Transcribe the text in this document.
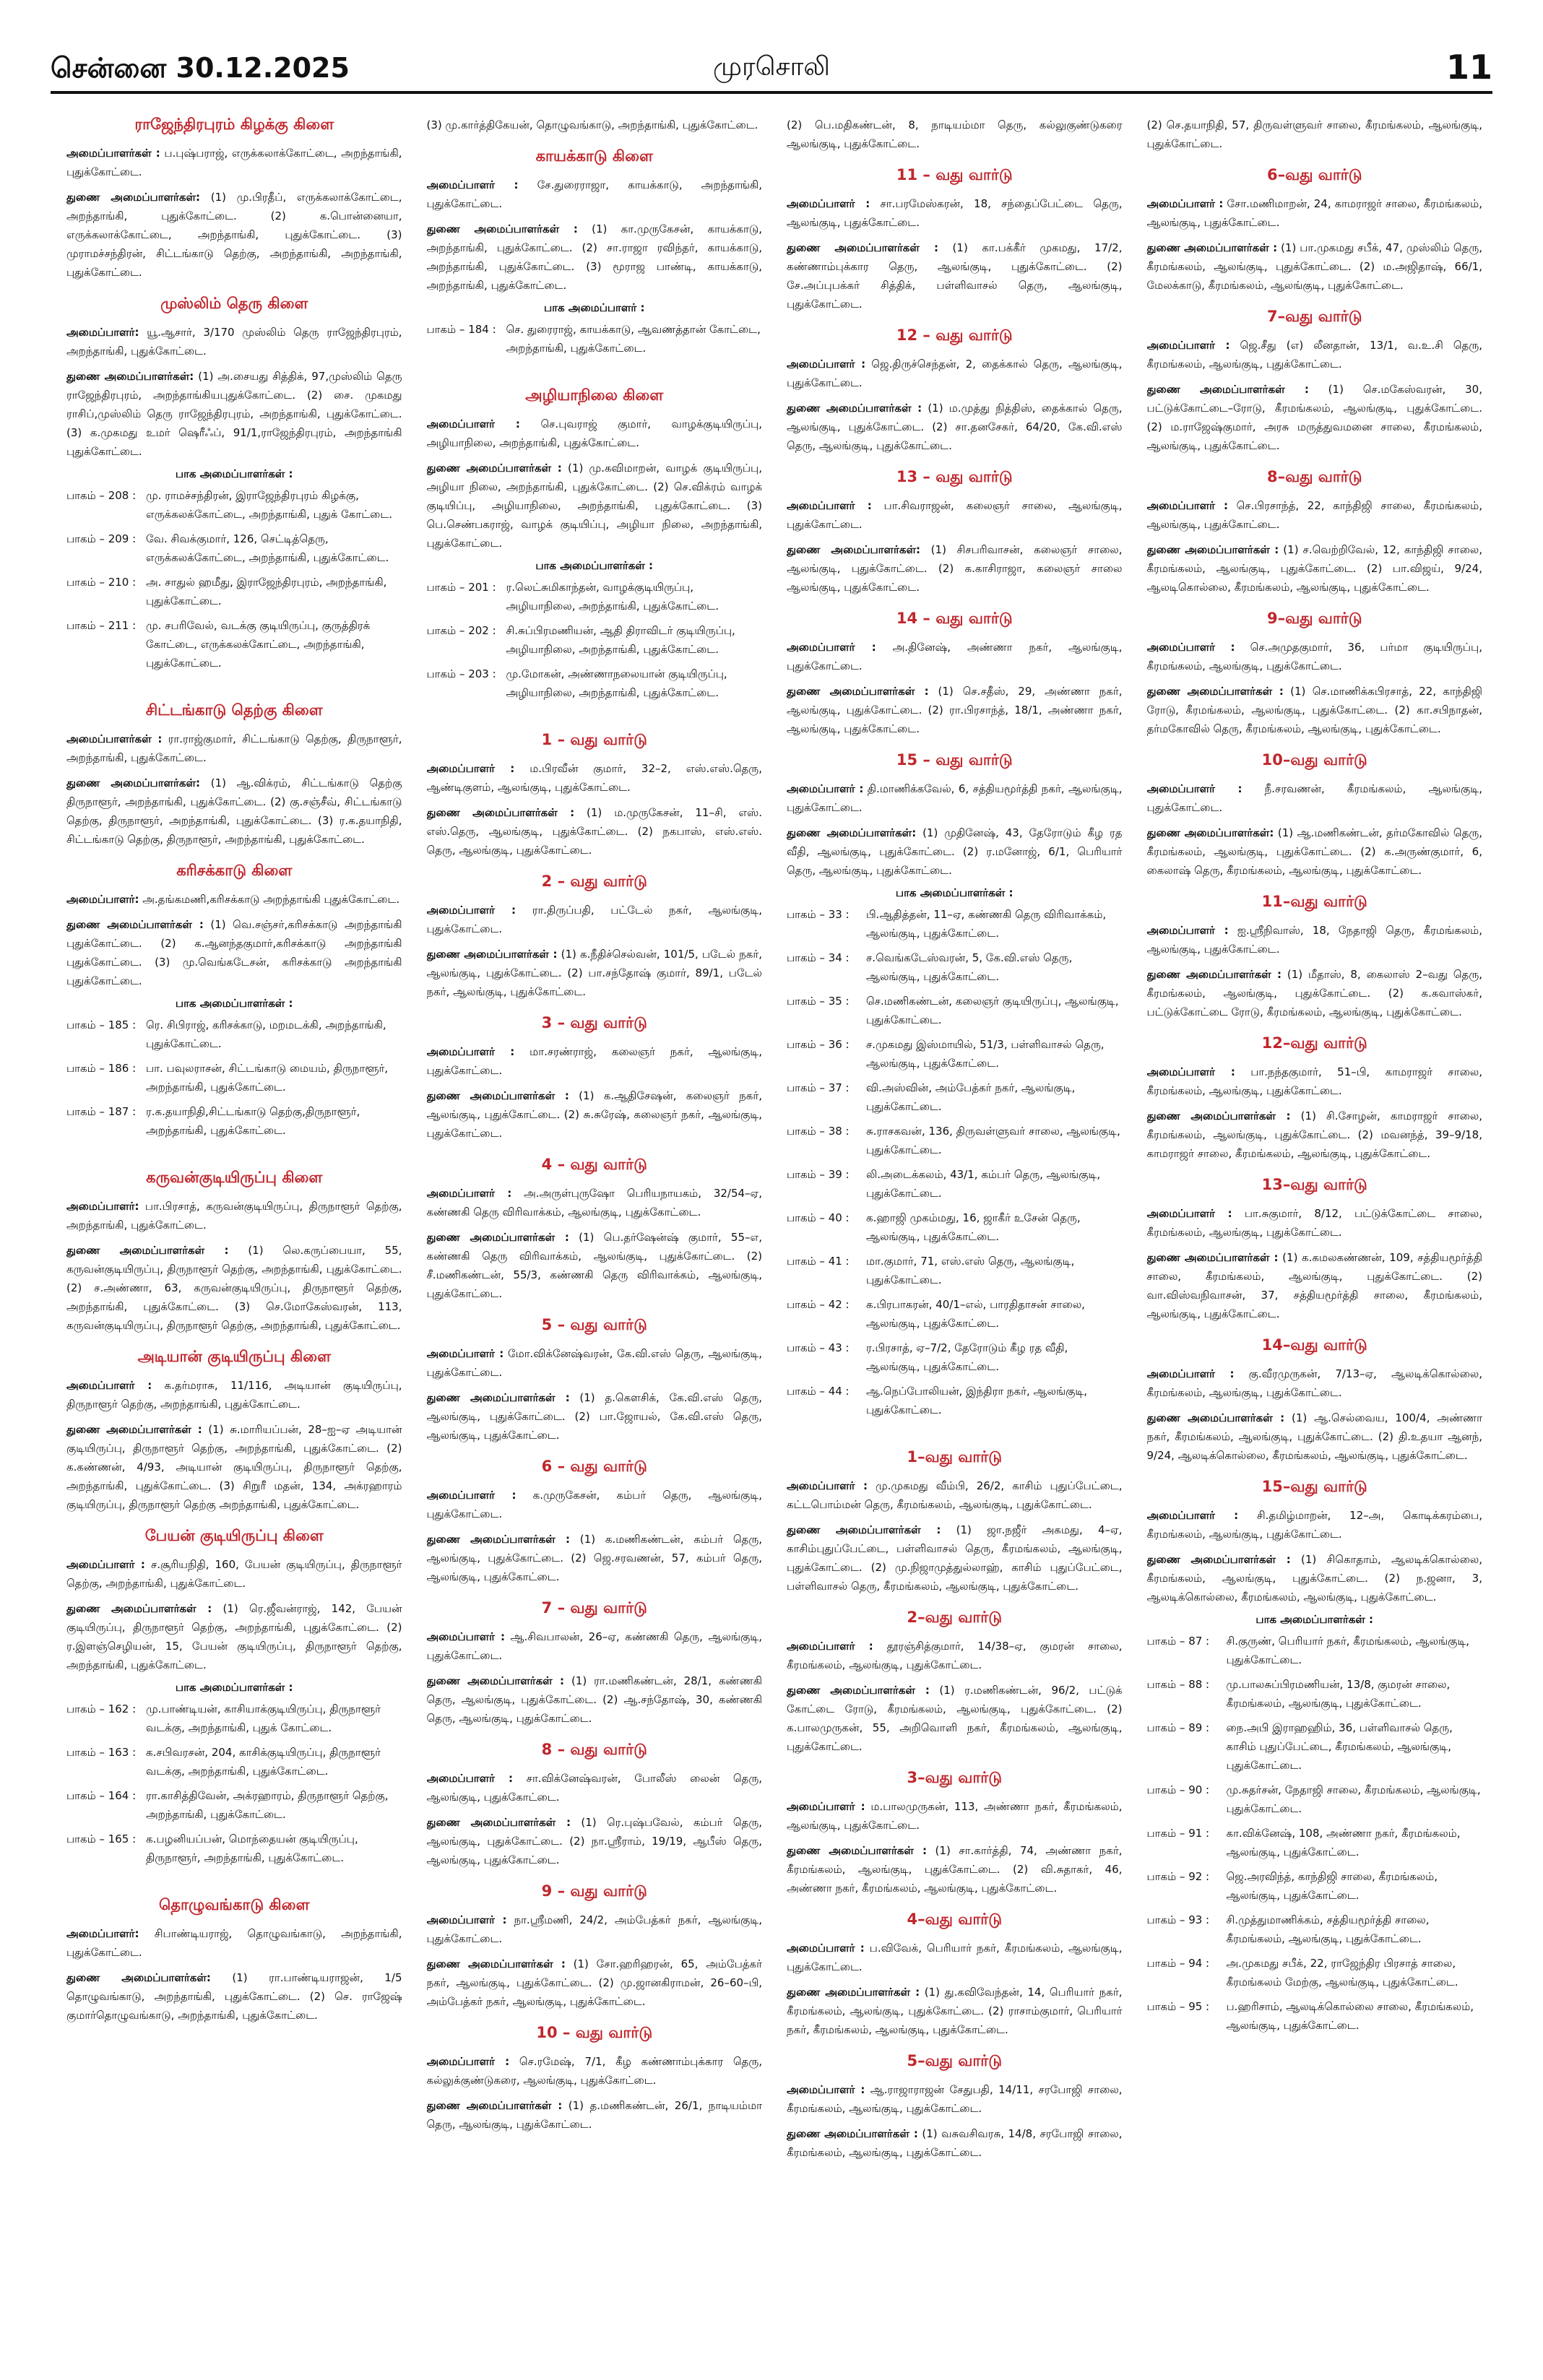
சென்னை 30.12.2025	முரசொலி	11
ராஜேந்திரபுரம் கிழக்கு கிளை

அமைப்பாளர்கள் : ப.புஷ்பராஜ், எருக்கலாக்கோட்டை, அறந்தாங்கி, புதுக்கோட்டை.

துணை அமைப்பாளர்கள்: (1) மு.பிரதீப், எருக்கலாக்கோட்டை, அறந்தாங்கி, புதுக்கோட்டை. (2) க.பொன்னையா, எருக்கலாக்கோட்டை, அறந்தாங்கி, புதுக்கோட்டை. (3) முராமச்சந்திரன், சிட்டங்காடு தெற்கு, அறந்தாங்கி, அறந்தாங்கி, புதுக்கோட்டை.

முஸ்லிம் தெரு கிளை

அமைப்பாளர்: யூ.ஆசார், 3/170 முஸ்லிம் தெரு ராஜேந்திரபுரம், அறந்தாங்கி, புதுக்கோட்டை.

துணை அமைப்பாளர்கள்: (1) அ.சையது சித்திக், 97,முஸ்லிம் தெரு ராஜேந்திரபுரம், அறந்தாங்கியபுதுக்கோட்டை. (2) சை. முகமது ராசிப்,முஸ்லிம் தெரு ராஜேந்திரபுரம், அறந்தாங்கி, புதுக்கோட்டை. (3) க.முகமது உமர் ஷெரீஃப், 91/1,ராஜேந்திரபுரம், அறந்தாங்கி புதுக்கோட்டை.

பாக அமைப்பாளர்கள் :
பாகம் – 208 : மு. ராமச்சந்திரன், இராஜேந்திரபுரம் கிழக்கு, எருக்கலக்கோட்டை, அறந்தாங்கி, புதுக் கோட்டை.
பாகம் – 209 : வே. சிவக்குமார், 126, செட்டித்தெரு, எருக்கலக்கோட்டை, அறந்தாங்கி, புதுக்கோட்டை.
பாகம் – 210 : அ. சாதுல் ஹமீது, இராஜேந்திரபுரம், அறந்தாங்கி, புதுக்கோட்டை.
பாகம் – 211 : மு. சபரிவேல், வடக்கு குடியிருப்பு, குருத்திரக் கோட்டை, எருக்கலக்கோட்டை, அறந்தாங்கி, புதுக்கோட்டை.
சிட்டங்காடு தெற்கு கிளை

அமைப்பாளர்கள் : ரா.ராஜ்குமார், சிட்டங்காடு தெற்கு, திருநாளூர், அறந்தாங்கி, புதுக்கோட்டை.

துணை அமைப்பாளர்கள்: (1) ஆ.விக்ரம், சிட்டங்காடு தெற்கு திருநாளூர், அறந்தாங்கி, புதுக்கோட்டை. (2) கு.சஞ்சீவ், சிட்டங்காடு தெற்கு, திருநாளூர், அறந்தாங்கி, புதுக்கோட்டை. (3) ர.க.தயாநிதி, சிட்டங்காடு தெற்கு, திருநாளூர், அறந்தாங்கி, புதுக்கோட்டை.

கரிசக்காடு கிளை

அமைப்பாளர்: அ.தங்கமணி,கரிசக்காடு அறந்தாங்கி புதுக்கோட்டை.

துணை அமைப்பாளர்கள் : (1) வெ.சஞ்சர்,கரிசக்காடு அறந்தாங்கி புதுக்கோட்டை. (2) க.ஆனந்தகுமார்,கரிசக்காடு அறந்தாங்கி புதுக்கோட்டை. (3) மு.வெங்கடேசன், கரிசக்காடு அறந்தாங்கி புதுக்கோட்டை.

பாக அமைப்பாளர்கள் :
பாகம் – 185 : ரெ. சிபிராஜ், கரிசக்காடு, மறமடக்கி, அறந்தாங்கி, புதுக்கோட்டை.
பாகம் – 186 : பா. பவுலராசன், சிட்டங்காடு மையம், திருநாளூர், அறந்தாங்கி, புதுக்கோட்டை.
பாகம் – 187 : ர.க.தயாநிதி,சிட்டங்காடு தெற்கு,திருநாளூர், அறந்தாங்கி, புதுக்கோட்டை.
கருவன்குடியிருப்பு கிளை

அமைப்பாளர்: பா.பிரசாத், கருவன்குடியிருப்பு, திருநாளூர் தெற்கு, அறந்தாங்கி, புதுக்கோட்டை.

துணை அமைப்பாளர்கள் : (1) லெ.கருப்பையா, 55, கருவன்குடியிருப்பு, திருநாளூர் தெற்கு, அறந்தாங்கி, புதுக்கோட்டை. (2) ச.அண்ணா, 63, கருவன்குடியிருப்பு, திருநாளூர் தெற்கு, அறந்தாங்கி, புதுக்கோட்டை. (3) செ.மோகேஸ்வரன், 113, கருவன்குடியிருப்பு, திருநாளூர் தெற்கு, அறந்தாங்கி, புதுக்கோட்டை.

அடியான் குடியிருப்பு கிளை

அமைப்பாளர் : க.தர்மராசு, 11/116, அடியான் குடியிருப்பு, திருநாளூர் தெற்கு, அறந்தாங்கி, புதுக்கோட்டை.

துணை அமைப்பாளர்கள் : (1) சு.மாரியப்பன், 28–ஐ–ஏ அடியான் குடியிருப்பு, திருநாளூர் தெற்கு, அறந்தாங்கி, புதுக்கோட்டை. (2) க.கண்ணன், 4/93, அடியான் குடியிருப்பு, திருநாளூர் தெற்கு, அறந்தாங்கி, புதுக்கோட்டை. (3) சிறுரீ மதன், 134, அக்ரஹாரம் குடியிருப்பு, திருநாளூர் தெற்கு அறந்தாங்கி, புதுக்கோட்டை.

பேயன் குடியிருப்பு கிளை

அமைப்பாளர் : ச.சூரியநிதி, 160, பேயன் குடியிருப்பு, திருநாளூர் தெற்கு, அறந்தாங்கி, புதுக்கோட்டை.

துணை அமைப்பாளர்கள் : (1) ரெ.ஜீவன்ராஜ், 142, பேயன் குடியிருப்பு, திருநாளூர் தெற்கு, அறந்தாங்கி, புதுக்கோட்டை. (2) ர.இளஞ்செழியன், 15, பேயன் குடியிருப்பு, திருநாளூர் தெற்கு, அறந்தாங்கி, புதுக்கோட்டை.

பாக அமைப்பாளர்கள் :
பாகம் – 162 : மு.பாண்டியன், காசியாக்குடியிருப்பு, திருநாளூர் வடக்கு, அறந்தாங்கி, புதுக் கோட்டை.
பாகம் – 163 : க.சபிவரசன், 204, காசிக்குடியிருப்பு, திருநாளூர் வடக்கு, அறந்தாங்கி, புதுக்கோட்டை.
பாகம் – 164 : ரா.காசித்திவேன், அக்ரஹாரம், திருநாளூர் தெற்கு, அறந்தாங்கி, புதுக்கோட்டை.
பாகம் – 165 : க.பழனியப்பன், மொந்தையன் குடியிருப்பு, திருநாளூர், அறந்தாங்கி, புதுக்கோட்டை.
தொழுவங்காடு கிளை

அமைப்பாளர்: சிபாண்டியராஜ், தொழுவங்காடு, அறந்தாங்கி, புதுக்கோட்டை.

துணை அமைப்பாளர்கள்: (1) ரா.பாண்டியராஜன், 1/5 தொழுவங்காடு, அறந்தாங்கி, புதுக்கோட்டை. (2) செ. ராஜேஷ் குமார்தொழுவங்காடு, அறந்தாங்கி, புதுக்கோட்டை.

(3) மு.கார்த்திகேயன், தொழுவங்காடு, அறந்தாங்கி, புதுக்கோட்டை.

காயக்காடு கிளை

அமைப்பாளர் : சே.துரைராஜா, காயக்காடு, அறந்தாங்கி, புதுக்கோட்டை.

துணை அமைப்பாளர்கள் : (1) கா.முருகேசன், காயக்காடு, அறந்தாங்கி, புதுக்கோட்டை. (2) சா.ராஜா ரவிந்தர், காயக்காடு, அறந்தாங்கி, புதுக்கோட்டை. (3) மூராஜ பாண்டி, காயக்காடு, அறந்தாங்கி, புதுக்கோட்டை.

பாக அமைப்பாளர் :
பாகம் – 184 : செ. துரைராஜ், காயக்காடு, ஆவணத்தான் கோட்டை, அறந்தாங்கி, புதுக்கோட்டை.
அழியாநிலை கிளை

அமைப்பாளர் : செ.புவராஜ் குமார், வாழக்குடியிருப்பு, அழியாநிலை, அறந்தாங்கி, புதுக்கோட்டை.

துணை அமைப்பாளர்கள் : (1) மு.கவிமாறன், வாழக் குடியிருப்பு, அழியா நிலை, அறந்தாங்கி, புதுக்கோட்டை. (2) செ.விக்ரம் வாழக் குடியிப்பு, அழியாநிலை, அறந்தாங்கி, புதுக்கோட்டை. (3) பெ.செண்பகராஜ், வாழக் குடியிப்பு, அழியா நிலை, அறந்தாங்கி, புதுக்கோட்டை.

பாக அமைப்பாளர்கள் :
பாகம் – 201 : ர.லெட்சுமிகாந்தன், வாழக்குடியிருப்பு, அழியாநிலை, அறந்தாங்கி, புதுக்கோட்டை.
பாகம் – 202 : சி.சுப்பிரமணியன், ஆதி திராவிடர் குடியிருப்பு, அழியாநிலை, அறந்தாங்கி, புதுக்கோட்டை.
பாகம் – 203 : மு.மோகன், அண்ணாநலையான் குடியிருப்பு, அழியாநிலை, அறந்தாங்கி, புதுக்கோட்டை.
1 – வது வார்டு

அமைப்பாளர் : ம.பிரவீன் குமார், 32–2, எஸ்.எஸ்.தெரு, ஆண்டிகுளம், ஆலங்குடி, புதுக்கோட்டை.

துணை அமைப்பாளர்கள் : (1) ம.முருகேசன், 11–சி, எஸ். எஸ்.தெரு, ஆலங்குடி, புதுக்கோட்டை. (2) நகபாஸ், எஸ்.எஸ். தெரு, ஆலங்குடி, புதுக்கோட்டை.

2 – வது வார்டு

அமைப்பாளர் : ரா.திருப்பதி, பட்டேல் நகர், ஆலங்குடி, புதுக்கோட்டை.

துணை அமைப்பாளர்கள் : (1) க.நீதிச்செல்வன், 101/5, படேல் நகர், ஆலங்குடி, புதுக்கோட்டை. (2) பா.சந்தோஷ் குமார், 89/1, படேல் நகர், ஆலங்குடி, புதுக்கோட்டை.

3 – வது வார்டு

அமைப்பாளர் : மா.சரண்ராஜ், கலைஞர் நகர், ஆலங்குடி, புதுக்கோட்டை.

துணை அமைப்பாளர்கள் : (1) க.ஆதிசேஷன், கலைஞர் நகர், ஆலங்குடி, புதுக்கோட்டை. (2) சு.சுரேஷ், கலைஞர் நகர், ஆலங்குடி, புதுக்கோட்டை.

4 – வது வார்டு

அமைப்பாளர் : அ.அருள்புருஷோ பெரியநாயகம், 32/54–ஏ, கண்ணகி தெரு விரிவாக்கம், ஆலங்குடி, புதுக்கோட்டை.

துணை அமைப்பாளர்கள் : (1) பெ.தர்ஷேன்ஷ் குமார், 55–எ, கண்ணகி தெரு விரிவாக்கம், ஆலங்குடி, புதுக்கோட்டை. (2) சீ.மணிகண்டன், 55/3, கண்ணகி தெரு விரிவாக்கம், ஆலங்குடி, புதுக்கோட்டை.

5 – வது வார்டு

அமைப்பாளர் : மோ.விக்னேஷ்வரன், கே.வி.எஸ் தெரு, ஆலங்குடி, புதுக்கோட்டை.

துணை அமைப்பாளர்கள் : (1) த.கௌசிக், கே.வி.எஸ் தெரு, ஆலங்குடி, புதுக்கோட்டை. (2) பா.ஜோயல், கே.வி.எஸ் தெரு, ஆலங்குடி, புதுக்கோட்டை.

6 – வது வார்டு

அமைப்பாளர் : க.முருகேசன், கம்பர் தெரு, ஆலங்குடி, புதுக்கோட்டை.

துணை அமைப்பாளர்கள் : (1) க.மணிகண்டன், கம்பர் தெரு, ஆலங்குடி, புதுக்கோட்டை. (2) ஜெ.சரவணன், 57, கம்பர் தெரு, ஆலங்குடி, புதுக்கோட்டை.

7 – வது வார்டு

அமைப்பாளர் : ஆ.சிவபாலன், 26–ஏ, கண்ணகி தெரு, ஆலங்குடி, புதுக்கோட்டை.

துணை அமைப்பாளர்கள் : (1) ரா.மணிகண்டன், 28/1, கண்ணகி தெரு, ஆலங்குடி, புதுக்கோட்டை. (2) ஆ.சந்தோஷ், 30, கண்ணகி தெரு, ஆலங்குடி, புதுக்கோட்டை.

8 – வது வார்டு

அமைப்பாளர் : சா.விக்னேஷ்வரன், போலீஸ் லைன் தெரு, ஆலங்குடி, புதுக்கோட்டை.

துணை அமைப்பாளர்கள் : (1) ரெ.புஷ்பவேல், கம்பர் தெரு, ஆலங்குடி, புதுக்கோட்டை. (2) நா.ஸ்ரீராம், 19/19, ஆபீஸ் தெரு, ஆலங்குடி, புதுக்கோட்டை.

9 – வது வார்டு

அமைப்பாளர் : நா.ஸ்ரீமணி, 24/2, அம்பேத்கர் நகர், ஆலங்குடி, புதுக்கோட்டை.

துணை அமைப்பாளர்கள் : (1) சோ.ஹரிஹரன், 65, அம்பேத்கர் நகர், ஆலங்குடி, புதுக்கோட்டை. (2) மு.ஜானகிராமன், 26–60–பி, அம்பேத்கர் நகர், ஆலங்குடி, புதுக்கோட்டை.

10 – வது வார்டு

அமைப்பாளர் : செ.ரமேஷ், 7/1, கீழ கண்ணாம்புக்கார தெரு, கல்லுக்குண்டுகரை, ஆலங்குடி, புதுக்கோட்டை.

துணை அமைப்பாளர்கள் : (1) த.மணிகண்டன், 26/1, நாடியம்மா தெரு, ஆலங்குடி, புதுக்கோட்டை.

(2) பெ.மதிகண்டன், 8, நாடியம்மா தெரு, கல்லுகுண்டுகரை ஆலங்குடி, புதுக்கோட்டை.

11 – வது வார்டு

அமைப்பாளர் : சா.பரமேஸ்கரன், 18, சந்தைப்பேட்டை தெரு, ஆலங்குடி, புதுக்கோட்டை.

துணை அமைப்பாளர்கள் : (1) கா.பக்கீர் முகமது, 17/2, கண்ணாம்புக்கார தெரு, ஆலங்குடி, புதுக்கோட்டை. (2) சே.அப்புபக்கர் சித்திக், பள்ளிவாசல் தெரு, ஆலங்குடி, புதுக்கோட்டை.

12 – வது வார்டு

அமைப்பாளர் : ஜெ.திருச்செந்தன், 2, தைக்கால் தெரு, ஆலங்குடி, புதுக்கோட்டை.

துணை அமைப்பாளர்கள் : (1) ம.முத்து நித்திஸ், தைக்கால் தெரு, ஆலங்குடி, புதுக்கோட்டை. (2) சா.தனசேகர், 64/20, கே.வி.எஸ் தெரு, ஆலங்குடி, புதுக்கோட்டை.

13 – வது வார்டு

அமைப்பாளர் : பா.சிவராஜன், கலைஞர் சாலை, ஆலங்குடி, புதுக்கோட்டை.

துணை அமைப்பாளர்கள்: (1) சிசபரிவாசன், கலைஞர் சாலை, ஆலங்குடி, புதுக்கோட்டை. (2) க.காசிராஜா, கலைஞர் சாலை ஆலங்குடி, புதுக்கோட்டை.

14 – வது வார்டு

அமைப்பாளர் : அ.தினேஷ், அண்ணா நகர், ஆலங்குடி, புதுக்கோட்டை.

துணை அமைப்பாளர்கள் : (1) செ.சதீஸ், 29, அண்ணா நகர், ஆலங்குடி, புதுக்கோட்டை. (2) ரா.பிரசாந்த், 18/1, அண்ணா நகர், ஆலங்குடி, புதுக்கோட்டை.

15 – வது வார்டு

அமைப்பாளர் : தி.மாணிக்கவேல், 6, சத்தியமூர்த்தி நகர், ஆலங்குடி, புதுக்கோட்டை.

துணை அமைப்பாளர்கள்: (1) முதினேஷ், 43, தேரோடும் கீழ ரத வீதி, ஆலங்குடி, புதுக்கோட்டை. (2) ர.மனோஜ், 6/1, பெரியார் தெரு, ஆலங்குடி, புதுக்கோட்டை.

பாக அமைப்பாளர்கள் :
பாகம் – 33 :	பி.ஆதித்தன், 11–ஏ, கண்ணகி தெரு விரிவாக்கம், ஆலங்குடி, புதுக்கோட்டை.
பாகம் – 34 :	ச.வெங்கடேஸ்வரன், 5, கே.வி.எஸ் தெரு, ஆலங்குடி, புதுக்கோட்டை.
பாகம் – 35 :	செ.மணிகண்டன், கலைஞர் குடியிருப்பு, ஆலங்குடி, புதுக்கோட்டை.
பாகம் – 36 :	ச.முகமது இஸ்மாயில், 51/3, பள்ளிவாசல் தெரு, ஆலங்குடி, புதுக்கோட்டை.
பாகம் – 37 :	வி.அஸ்வின், அம்பேத்கர் நகர், ஆலங்குடி, புதுக்கோட்டை.
பாகம் – 38 :	சு.ராசகவன், 136, திருவள்ளுவர் சாலை, ஆலங்குடி, புதுக்கோட்டை.
பாகம் – 39 :	லி.அடைக்கலம், 43/1, கம்பர் தெரு, ஆலங்குடி, புதுக்கோட்டை.
பாகம் – 40 :	க.ஹாஜி முகம்மது, 16, ஜாகீர் உசேன் தெரு, ஆலங்குடி, புதுக்கோட்டை.
பாகம் – 41 :	மா.குமார், 71, எஸ்.எஸ் தெரு, ஆலங்குடி, புதுக்கோட்டை.
பாகம் – 42 :	க.பிரபாகரன், 40/1–எல், பாரதிதாசன் சாலை, ஆலங்குடி, புதுக்கோட்டை.
பாகம் – 43 :	ர.பிரசாத், ஏ–7/2, தேரோடும் கீழ ரத வீதி, ஆலங்குடி, புதுக்கோட்டை.
பாகம் – 44 :	ஆ.நெப்போலியன், இந்திரா நகர், ஆலங்குடி, புதுக்கோட்டை.
1–வது வார்டு

அமைப்பாளர் : மு.முகமது வீம்பி, 26/2, காசிம் புதுப்பேட்டை, கட்டபொம்மன் தெரு, கீரமங்கலம், ஆலங்குடி, புதுக்கோட்டை.

துணை அமைப்பாளர்கள் : (1) ஜா.நஜீர் அகமது, 4–ஏ, காசிம்புதுப்பேட்டை, பள்ளிவாசல் தெரு, கீரமங்கலம், ஆலங்குடி, புதுக்கோட்டை. (2) மு.நிஜாமுத்துல்லாஹ், காசிம் புதுப்பேட்டை, பள்ளிவாசல் தெரு, கீரமங்கலம், ஆலங்குடி, புதுக்கோட்டை.

2–வது வார்டு

அமைப்பாளர் : தூரஞ்சித்குமார், 14/38–ஏ, குமரன் சாலை, கீரமங்கலம், ஆலங்குடி, புதுக்கோட்டை.

துணை அமைப்பாளர்கள் : (1) ர.மணிகண்டன், 96/2, பட்டுக் கோட்டை ரோடு, கீரமங்கலம், ஆலங்குடி, புதுக்கோட்டை. (2) க.பாலமுருகன், 55, அறிவொளி நகர், கீரமங்கலம், ஆலங்குடி, புதுக்கோட்டை.

3–வது வார்டு

அமைப்பாளர் : ம.பாலமுருகன், 113, அண்ணா நகர், கீரமங்கலம், ஆலங்குடி, புதுக்கோட்டை.

துணை அமைப்பாளர்கள் : (1) சா.கார்த்தி, 74, அண்ணா நகர், கீரமங்கலம், ஆலங்குடி, புதுக்கோட்டை. (2) வி.சுதாகர், 46, அண்ணா நகர், கீரமங்கலம், ஆலங்குடி, புதுக்கோட்டை.

4–வது வார்டு

அமைப்பாளர் : ப.விவேக், பெரியார் நகர், கீரமங்கலம், ஆலங்குடி, புதுக்கோட்டை.

துணை அமைப்பாளர்கள் : (1) து.கவிவேந்தன், 14, பெரியார் நகர், கீரமங்கலம், ஆலங்குடி, புதுக்கோட்டை. (2) ராசாம்குமார், பெரியார் நகர், கீரமங்கலம், ஆலங்குடி, புதுக்கோட்டை.

5–வது வார்டு

அமைப்பாளர் : ஆ.ராஜாராஜன் சேதுபதி, 14/11, சரபோஜி சாலை, கீரமங்கலம், ஆலங்குடி, புதுக்கோட்டை.

துணை அமைப்பாளர்கள் : (1) வசுவசிவரசு, 14/8, சரபோஜி சாலை, கீரமங்கலம், ஆலங்குடி, புதுக்கோட்டை.

(2) செ.தயாநிதி, 57, திருவள்ளுவர் சாலை, கீரமங்கலம், ஆலங்குடி, புதுக்கோட்டை.

6–வது வார்டு

அமைப்பாளர் : சோ.மணிமாறன், 24, காமராஜர் சாலை, கீரமங்கலம், ஆலங்குடி, புதுக்கோட்டை.

துணை அமைப்பாளர்கள் : (1) பா.முகமது சபீக், 47, முஸ்லிம் தெரு, கீரமங்கலம், ஆலங்குடி, புதுக்கோட்டை. (2) ம.அஜிதாஷ், 66/1, மேலக்காடு, கீரமங்கலம், ஆலங்குடி, புதுக்கோட்டை.

7–வது வார்டு

அமைப்பாளர் : ஜெ.சீது (எ) லீனதான், 13/1, வ.உ.சி தெரு, கீரமங்கலம், ஆலங்குடி, புதுக்கோட்டை.

துணை அமைப்பாளர்கள் : (1) செ.மகேஸ்வரன், 30, பட்டுக்கோட்டை–ரோடு, கீரமங்கலம், ஆலங்குடி, புதுக்கோட்டை. (2) ம.ராஜேஷ்குமார், அரசு மருத்துவமனை சாலை, கீரமங்கலம், ஆலங்குடி, புதுக்கோட்டை.

8–வது வார்டு

அமைப்பாளர் : செ.பிரசாந்த், 22, காந்திஜி சாலை, கீரமங்கலம், ஆலங்குடி, புதுக்கோட்டை.

துணை அமைப்பாளர்கள் : (1) ச.வெற்றிவேல், 12, காந்திஜி சாலை, கீரமங்கலம், ஆலங்குடி, புதுக்கோட்டை. (2) பா.விஜய், 9/24, ஆலடிகொல்லை, கீரமங்கலம், ஆலங்குடி, புதுக்கோட்டை.

9–வது வார்டு

அமைப்பாளர் : செ.அமுதகுமார், 36, பர்மா குடியிருப்பு, கீரமங்கலம், ஆலங்குடி, புதுக்கோட்டை.

துணை அமைப்பாளர்கள் : (1) செ.மாணிக்கபிரசாத், 22, காந்திஜி ரோடு, கீரமங்கலம், ஆலங்குடி, புதுக்கோட்டை. (2) கா.சபிநாதன், தர்மகோவில் தெரு, கீரமங்கலம், ஆலங்குடி, புதுக்கோட்டை.

10–வது வார்டு

அமைப்பாளர் : நீ.சரவணன், கீரமங்கலம், ஆலங்குடி, புதுக்கோட்டை.

துணை அமைப்பாளர்கள்: (1) ஆ.மணிகண்டன், தர்மகோவில் தெரு, கீரமங்கலம், ஆலங்குடி, புதுக்கோட்டை. (2) க.அருண்குமார், 6, கைலாஷ் தெரு, கீரமங்கலம், ஆலங்குடி, புதுக்கோட்டை.

11–வது வார்டு

அமைப்பாளர் : ஐ.ஸ்ரீநிவாஸ், 18, நேதாஜி தெரு, கீரமங்கலம், ஆலங்குடி, புதுக்கோட்டை.

துணை அமைப்பாளர்கள் : (1) மீதாஸ், 8, கைலாஸ் 2–வது தெரு, கீரமங்கலம், ஆலங்குடி, புதுக்கோட்டை. (2) க.கவாஸ்கர், பட்டுக்கோட்டை ரோடு, கீரமங்கலம், ஆலங்குடி, புதுக்கோட்டை.

12–வது வார்டு

அமைப்பாளர் : பா.நந்தகுமார், 51–பி, காமராஜர் சாலை, கீரமங்கலம், ஆலங்குடி, புதுக்கோட்டை.

துணை அமைப்பாளர்கள் : (1) சி.சோழன், காமராஜர் சாலை, கீரமங்கலம், ஆலங்குடி, புதுக்கோட்டை. (2) மவனந்த், 39–9/18, காமராஜர் சாலை, கீரமங்கலம், ஆலங்குடி, புதுக்கோட்டை.

13–வது வார்டு

அமைப்பாளர் : பா.சுகுமார், 8/12, பட்டுக்கோட்டை சாலை, கீரமங்கலம், ஆலங்குடி, புதுக்கோட்டை.

துணை அமைப்பாளர்கள் : (1) க.கமலகண்ணன், 109, சத்தியமூர்த்தி சாலை, கீரமங்கலம், ஆலங்குடி, புதுக்கோட்டை. (2) வா.விஸ்வநிவாசன், 37, சத்தியமூர்த்தி சாலை, கீரமங்கலம், ஆலங்குடி, புதுக்கோட்டை.

14–வது வார்டு

அமைப்பாளர் : கு.வீரமுருகன், 7/13–ஏ, ஆலடிக்கொல்லை, கீரமங்கலம், ஆலங்குடி, புதுக்கோட்டை.

துணை அமைப்பாளர்கள் : (1) ஆ.செல்வைய, 100/4, அண்ணா நகர், கீரமங்கலம், ஆலங்குடி, புதுக்கோட்டை. (2) தி.உதயா ஆனந், 9/24, ஆலடிக்கொல்லை, கீரமங்கலம், ஆலங்குடி, புதுக்கோட்டை.

15–வது வார்டு

அமைப்பாளர் : சி.தமிழ்மாறன், 12–அ, கொடிக்கரம்பை, கீரமங்கலம், ஆலங்குடி, புதுக்கோட்டை.

துணை அமைப்பாளர்கள் : (1) சிகொதாம், ஆலடிக்கொல்லை, கீரமங்கலம், ஆலங்குடி, புதுக்கோட்டை. (2) ந.ஜனா, 3, ஆலடிக்கொல்லை, கீரமங்கலம், ஆலங்குடி, புதுக்கோட்டை.

பாக அமைப்பாளர்கள் :
பாகம் – 87 :	சி.குருண், பெரியார் நகர், கீரமங்கலம், ஆலங்குடி, புதுக்கோட்டை.
பாகம் – 88 :	மு.பாலசுப்பிரமணியன், 13/8, குமரன் சாலை, கீரமங்கலம், ஆலங்குடி, புதுக்கோட்டை.
பாகம் – 89 :	நை.அபி இராஹஹிம், 36, பள்ளிவாசல் தெரு, காசிம் புதுப்பேட்டை, கீரமங்கலம், ஆலங்குடி, புதுக்கோட்டை.
பாகம் – 90 :	மு.சுதர்சன், நேதாஜி சாலை, கீரமங்கலம், ஆலங்குடி, புதுக்கோட்டை.
பாகம் – 91 :	கா.விக்னேஷ், 108, அண்ணா நகர், கீரமங்கலம், ஆலங்குடி, புதுக்கோட்டை.
பாகம் – 92 :	ஜெ.அரவிந்த், காந்திஜி சாலை, கீரமங்கலம், ஆலங்குடி, புதுக்கோட்டை.
பாகம் – 93 :	சி.முத்துமாணிக்கம், சத்தியமூர்த்தி சாலை, கீரமங்கலம், ஆலங்குடி, புதுக்கோட்டை.
பாகம் – 94 :	அ.முகமது சபீக், 22, ராஜேந்திர பிரசாத் சாலை, கீரமங்கலம் மேற்கு, ஆலங்குடி, புதுக்கோட்டை.
பாகம் – 95 :	ப.ஹரிசாம், ஆலடிக்கொல்லை சாலை, கீரமங்கலம், ஆலங்குடி, புதுக்கோட்டை.
